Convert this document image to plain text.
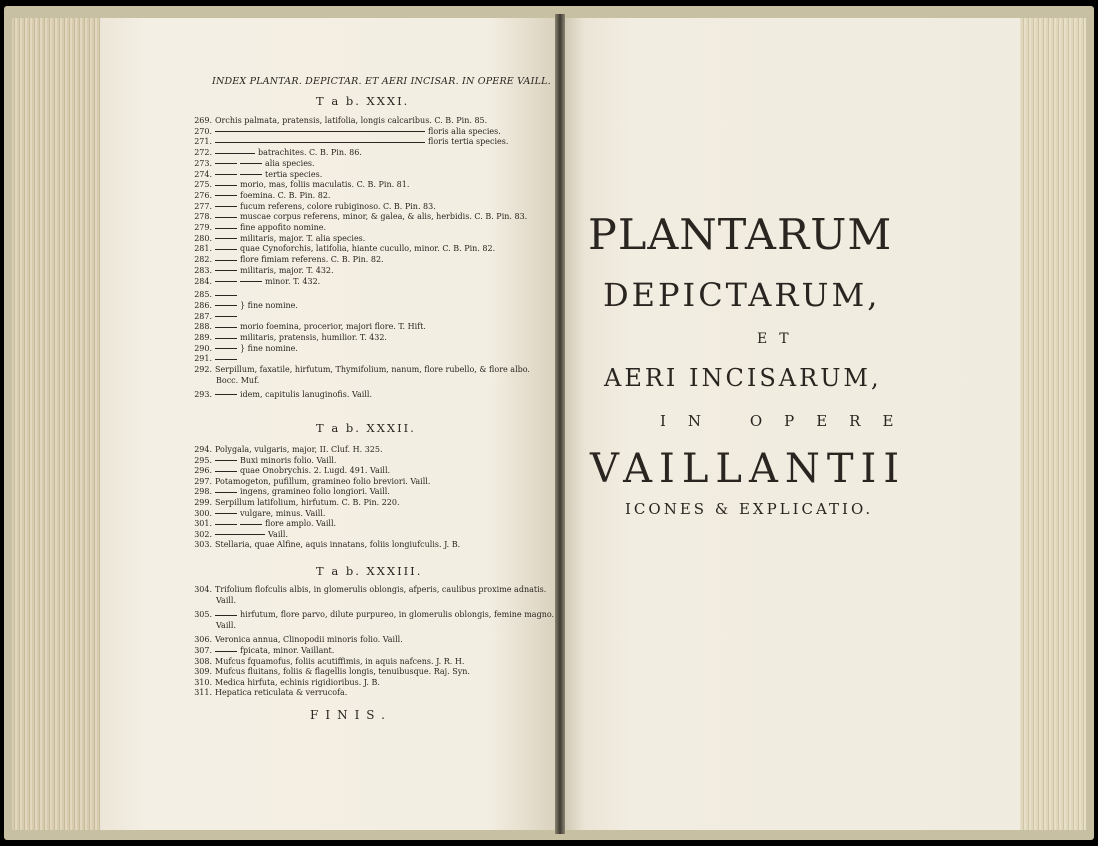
INDEX PLANTAR. DEPICTAR. ET AERI INCISAR. IN OPERE VAILL.
T a b. XXXI.
269. Orchis palmata, pratensis, latifolia, longis calcaribus. C. B. Pin. 85.
270.	floris alia species.
271.	floris tertia species.
272.	batrachites. C. B. Pin. 86.
273.	alia species.
274.	tertia species.
275.	morio, mas, foliis maculatis. C. B. Pin. 81.
276.	foemina. C. B. Pin. 82.
277.	fucum referens, colore rubiginoso. C. B. Pin. 83.
278.	muscae corpus referens, minor, & galea, & alis, herbidis. C. B. Pin. 83.
279.	fine appofito nomine.
280.	militaris, major. T. alia species.
281.	quae Cynoforchis, latifolia, hiante cucullo, minor. C. B. Pin. 82.
282.	flore fimiam referens. C. B. Pin. 82.
283.	militaris, major. T. 432.
284.	minor. T. 432.
285.
286.	} fine nomine.
287.
288.	morio foemina, procerior, majori flore. T. Hift.
289.	militaris, pratensis, humilior. T. 432.
290.	} fine nomine.
291.
292. Serpillum, faxatile, hirfutum, Thymifolium, nanum, flore rubello, & flore albo.
Bocc. Muf.
293.	idem, capitulis lanuginofis. Vaill.
T a b. XXXII.
294. Polygala, vulgaris, major, II. Cluf. H. 325.
295.	Buxi minoris folio. Vaill.
296.	quae Onobrychis. 2. Lugd. 491. Vaill.
297. Potamogeton, pufillum, gramineo folio breviori. Vaill.
298.	ingens, gramineo folio longiori. Vaill.
299. Serpillum latifolium, hirfutum. C. B. Pin. 220.
300.	vulgare, minus. Vaill.
301.	flore amplo. Vaill.
302.	Vaill.
303. Stellaria, quae Alfine, aquis innatans, foliis longiufculis. J. B.
T a b. XXXIII.
304. Trifolium flofculis albis, in glomerulis oblongis, afperis, caulibus proxime adnatis.
Vaill.
305.	hirfutum, flore parvo, dilute purpureo, in glomerulis oblongis, femine magno.
Vaill.
306. Veronica annua, Clinopodii minoris folio. Vaill.
307.	fpicata, minor. Vaillant.
308. Mufcus fquamofus, foliis acutiffimis, in aquis nafcens. J. R. H.
309. Mufcus fluitans, foliis & flagellis longis, tenuibusque. Raj. Syn.
310. Medica hirfuta, echinis rigidioribus. J. B.
311. Hepatica reticulata & verrucofa.
FINIS.
PLANTARUM
DEPICTARUM,
ET
AERI INCISARUM,
IN OPERE
VAILLANTII
ICONES & EXPLICATIO.
